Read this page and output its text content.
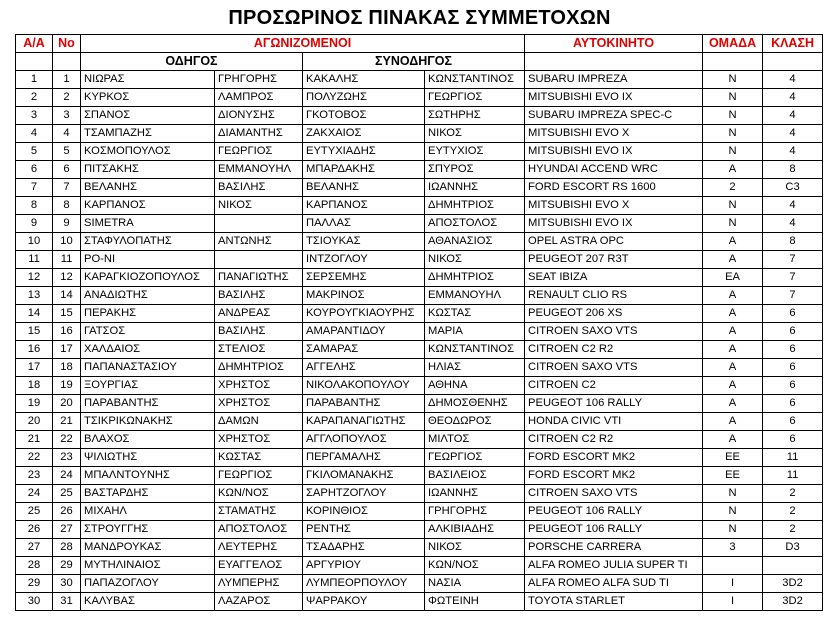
ΠΡΟΣΩΡΙΝΟΣ ΠΙΝΑΚΑΣ ΣΥΜΜΕΤΟΧΩΝ
Α/Α	No	ΑΓΩΝΙΖΟΜΕΝΟΙ				ΑΥΤΟΚΙΝΗΤΟ	ΟΜΑΔΑ	ΚΛΑΣΗ
		ΟΔΗΓΟΣ		ΣΥΝΟΔΗΓΟΣ				
1	1	ΝΙΩΡΑΣ	ΓΡΗΓΟΡΗΣ	ΚΑΚΑΛΗΣ	ΚΩΝΣΤΑΝΤΙΝΟΣ	SUBARU IMPREZA	N	4
2	2	ΚΥΡΚΟΣ	ΛΑΜΠΡΟΣ	ΠΟΛΥΖΩΗΣ	ΓΕΩΡΓΙΟΣ	MITSUBISHI EVO IX	N	4
3	3	ΣΠΑΝΟΣ	ΔΙΟΝΥΣΗΣ	ΓΚΟΤΟΒΟΣ	ΣΩΤΗΡΗΣ	SUBARU IMPREZA SPEC-C	N	4
4	4	ΤΣΑΜΠΑΖΗΣ	ΔΙΑΜΑΝΤΗΣ	ΖΑΚΧΑΙΟΣ	ΝΙΚΟΣ	MITSUBISHI EVO X	N	4
5	5	ΚΟΣΜΟΠΟΥΛΟΣ	ΓΕΩΡΓΙΟΣ	ΕΥΤΥΧΙΑΔΗΣ	ΕΥΤΥΧΙΟΣ	MITSUBISHI EVO IX	N	4
6	6	ΠΙΤΣΑΚΗΣ	ΕΜΜΑΝΟΥΗΛ	ΜΠΑΡΔΑΚΗΣ	ΣΠΥΡΟΣ	HYUNDAI ACCEND WRC	A	8
7	7	ΒΕΛΑΝΗΣ	ΒΑΣΙΛΗΣ	ΒΕΛΑΝΗΣ	ΙΩΑΝΝΗΣ	FORD ESCORT RS 1600	2	C3
8	8	ΚΑΡΠΑΝΟΣ	ΝΙΚΟΣ	ΚΑΡΠΑΝΟΣ	ΔΗΜΗΤΡΙΟΣ	MITSUBISHI EVO X	N	4
9	9	SIMETRA		ΠΑΛΛΑΣ	ΑΠΟΣΤΟΛΟΣ	MITSUBISHI EVO IX	N	4
10	10	ΣΤΑΦΥΛΟΠΑΤΗΣ	ΑΝΤΩΝΗΣ	ΤΣΙΟΥΚΑΣ	ΑΘΑΝΑΣΙΟΣ	OPEL ASTRA OPC	A	8
11	11	PO-NI		ΙΝΤΖΟΓΛΟΥ	ΝΙΚΟΣ	PEUGEOT 207 R3T	A	7
12	12	ΚΑΡΑΓΚΙΟΖΟΠΟΥΛΟΣ	ΠΑΝΑΓΙΩΤΗΣ	ΣΕΡΣΕΜΗΣ	ΔΗΜΗΤΡΙΟΣ	SEAT IBIZA	ΕΑ	7
13	14	ΑΝΑΔΙΩΤΗΣ	ΒΑΣΙΛΗΣ	ΜΑΚΡΙΝΟΣ	ΕΜΜΑΝΟΥΗΛ	RENAULT CLIO RS	A	7
14	15	ΠΕΡΑΚΗΣ	ΑΝΔΡΕΑΣ	ΚΟΥΡΟΥΓΚΙΑΟΥΡΗΣ	ΚΩΣΤΑΣ	PEUGEOT 206 XS	A	6
15	16	ΓΑΤΣΟΣ	ΒΑΣΙΛΗΣ	ΑΜΑΡΑΝΤΙΔΟΥ	ΜΑΡΙΑ	CITROEN SAXO VTS	A	6
16	17	ΧΑΛΔΑΙΟΣ	ΣΤΕΛΙΟΣ	ΣΑΜΑΡΑΣ	ΚΩΝΣΤΑΝΤΙΝΟΣ	CITROEN C2 R2	A	6
17	18	ΠΑΠΑΝΑΣΤΑΣΙΟΥ	ΔΗΜΗΤΡΙΟΣ	ΑΓΓΕΛΗΣ	ΗΛΙΑΣ	CITROEN SAXO VTS	A	6
18	19	ΞΟΥΡΓΙΑΣ	ΧΡΗΣΤΟΣ	ΝΙΚΟΛΑΚΟΠΟΥΛΟΥ	ΑΘΗΝΑ	CITROEN C2	A	6
19	20	ΠΑΡΑΒΑΝΤΗΣ	ΧΡΗΣΤΟΣ	ΠΑΡΑΒΑΝΤΗΣ	ΔΗΜΟΣΘΕΝΗΣ	PEUGEOT 106 RALLY	A	6
20	21	ΤΣΙΚΡΙΚΩΝΑΚΗΣ	ΔΑΜΩΝ	ΚΑΡΑΠΑΝΑΓΙΩΤΗΣ	ΘΕΟΔΩΡΟΣ	HONDA CIVIC VTI	A	6
21	22	ΒΛΑΧΟΣ	ΧΡΗΣΤΟΣ	ΑΓΓΛΟΠΟΥΛΟΣ	ΜΙΛΤΟΣ	CITROEN C2 R2	A	6
22	23	ΨΙΛΙΩΤΗΣ	ΚΩΣΤΑΣ	ΠΕΡΓΑΜΑΛΗΣ	ΓΕΩΡΓΙΟΣ	FORD ESCORT MK2	ΕΕ	11
23	24	ΜΠΑΛΝΤΟΥΝΗΣ	ΓΕΩΡΓΙΟΣ	ΓΚΙΛΟΜΑΝΑΚΗΣ	ΒΑΣΙΛΕΙΟΣ	FORD ESCORT MK2	ΕΕ	11
24	25	ΒΑΣΤΑΡΔΗΣ	ΚΩΝ/ΝΟΣ	ΣΑΡΗΤΖΟΓΛΟΥ	ΙΩΑΝΝΗΣ	CITROEN SAXO VTS	N	2
25	26	ΜΙΧΑΗΛ	ΣΤΑΜΑΤΗΣ	ΚΟΡΙΝΘΙΟΣ	ΓΡΗΓΟΡΗΣ	PEUGEOT 106 RALLY	N	2
26	27	ΣΤΡΟΥΓΓΗΣ	ΑΠΟΣΤΟΛΟΣ	ΡΕΝΤΗΣ	ΑΛΚΙΒΙΑΔΗΣ	PEUGEOT 106 RALLY	N	2
27	28	ΜΑΝΔΡΟΥΚΑΣ	ΛΕΥΤΕΡΗΣ	ΤΣΑΔΑΡΗΣ	ΝΙΚΟΣ	PORSCHE CARRERA	3	D3
28	29	ΜΥΤΗΛΙΝΑΙΟΣ	ΕΥΑΓΓΕΛΟΣ	ΑΡΓΥΡΙΟΥ	ΚΩΝ/ΝΟΣ	ALFA ROMEO JULIA SUPER TI		
29	30	ΠΑΠΑΖΟΓΛΟΥ	ΛΥΜΠΕΡΗΣ	ΛΥΜΠΕΟΡΠΟΥΛΟΥ	ΝΑΣΙΑ	ALFA ROMEO ALFA SUD TI	I	3D2
30	31	ΚΑΛΥΒΑΣ	ΛΑΖΑΡΟΣ	ΨΑΡΡΑΚΟΥ	ΦΩΤΕΙΝΗ	TOYOTA STARLET	I	3D2
